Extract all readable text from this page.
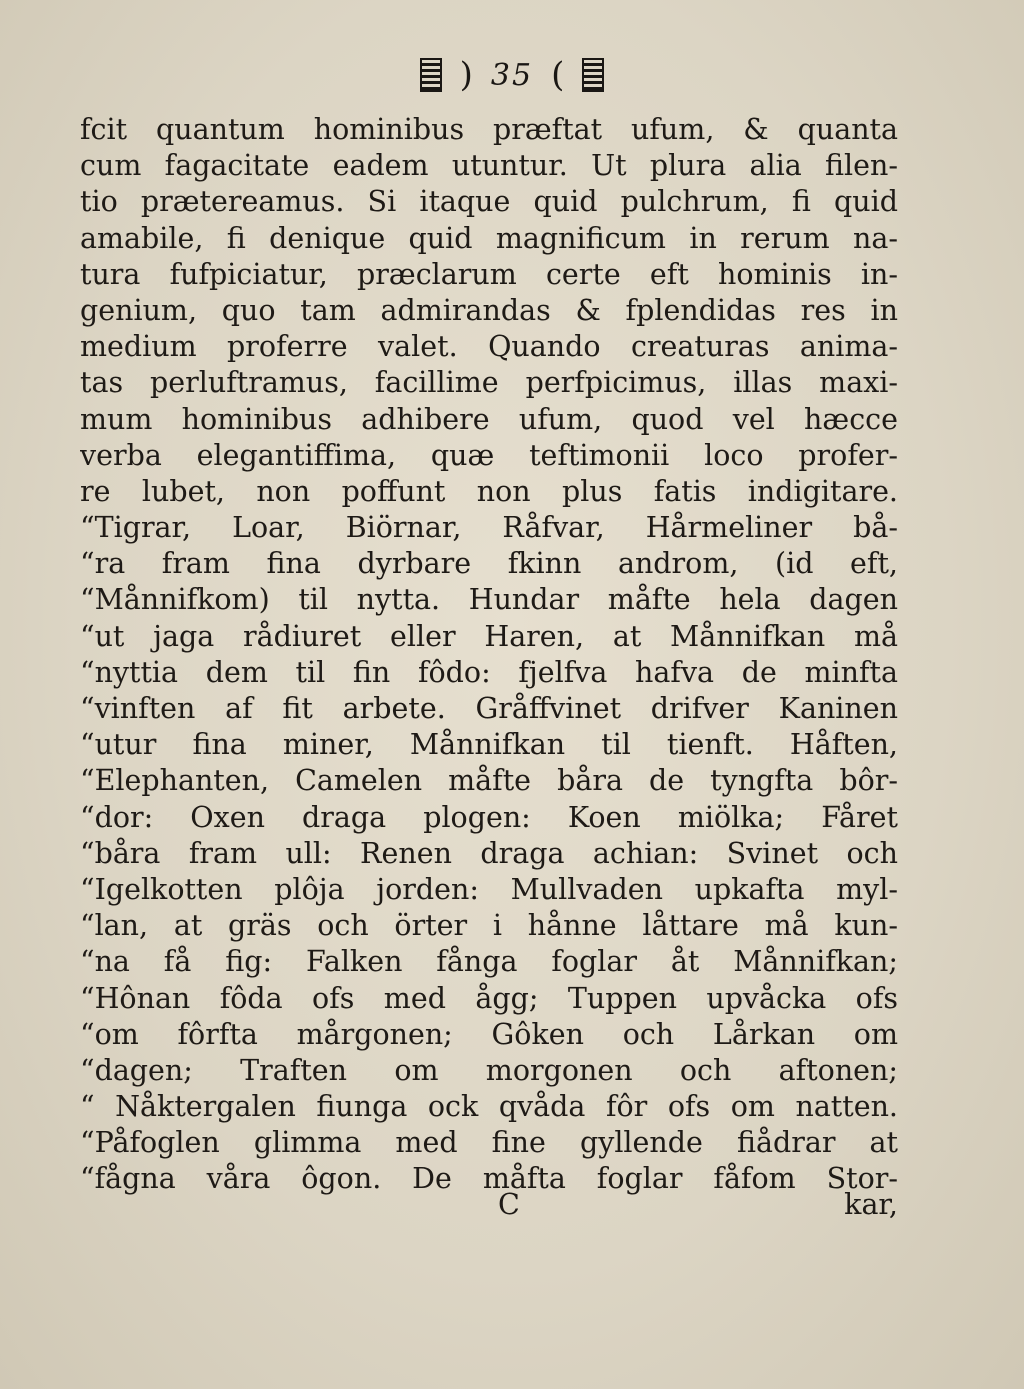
) 35 (
fcit quantum hominibus præftat ufum, & quanta
cum fagacitate eadem utuntur. Ut plura alia filen-
tio prætereamus. Si itaque quid pulchrum, fi quid
amabile, fi denique quid magnificum in rerum na-
tura fufpiciatur, præclarum certe eft hominis in-
genium, quo tam admirandas & fplendidas res in
medium proferre valet. Quando creaturas anima-
tas perluftramus, facillime perfpicimus, illas maxi-
mum hominibus adhibere ufum, quod vel hæcce
verba elegantiffima, quæ teftimonii loco profer-
re lubet, non poffunt non plus fatis indigitare.
“Tigrar, Loar, Biörnar, Råfvar, Hårmeliner bå-
“ra fram fina dyrbare fkinn androm, (id eft,
“Månnifkom) til nytta. Hundar måfte hela dagen
“ut jaga rådiuret eller Haren, at Månnifkan må
“nyttia dem til fin fôdo: fjelfva hafva de minfta
“vinften af fit arbete. Gråffvinet drifver Kaninen
“utur fina miner, Månnifkan til tienft. Håften,
“Elephanten, Camelen måfte båra de tyngfta bôr-
“dor: Oxen draga plogen: Koen miölka; Fåret
“båra fram ull: Renen draga achian: Svinet och
“Igelkotten plôja jorden: Mullvaden upkafta myl-
“lan, at gräs och örter i hånne låttare må kun-
“na få fig: Falken fånga foglar åt Månnifkan;
“Hônan fôda ofs med ågg; Tuppen upvåcka ofs
“om fôrfta mårgonen; Gôken och Lårkan om
“dagen; Traften om morgonen och aftonen;
“ Nåktergalen fiunga ock qvåda fôr ofs om natten.
“Påfoglen glimma med fine gyllende fiådrar at
“fågna våra ôgon. De måfta foglar fåfom Stor-
C	kar,
